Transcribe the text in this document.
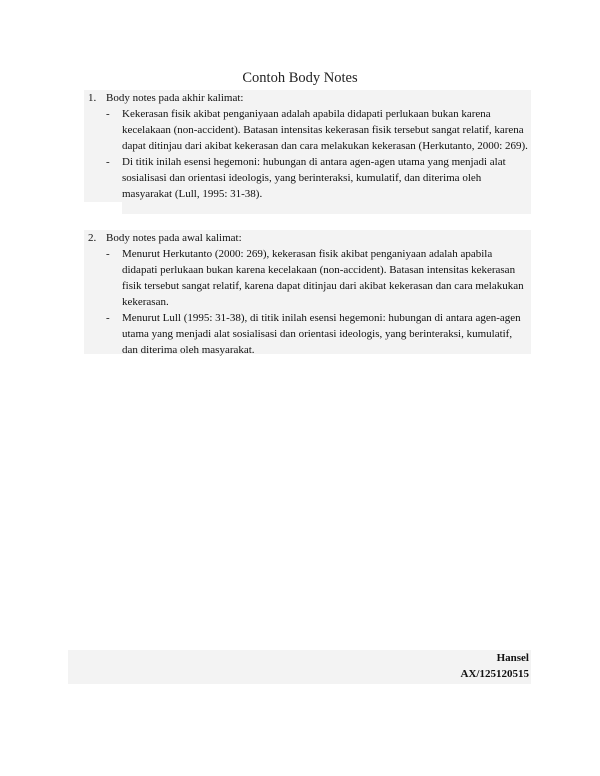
Contoh Body Notes
1. Body notes pada akhir kalimat:
- Kekerasan fisik akibat penganiyaan adalah apabila didapati perlukaan bukan karena kecelakaan (non-accident). Batasan intensitas kekerasan fisik tersebut sangat relatif, karena dapat ditinjau dari akibat kekerasan dan cara melakukan kekerasan (Herkutanto, 2000: 269).
- Di titik inilah esensi hegemoni: hubungan di antara agen-agen utama yang menjadi alat sosialisasi dan orientasi ideologis, yang berinteraksi, kumulatif, dan diterima oleh masyarakat (Lull, 1995: 31-38).
2. Body notes pada awal kalimat:
- Menurut Herkutanto (2000: 269), kekerasan fisik akibat penganiyaan adalah apabila didapati perlukaan bukan karena kecelakaan (non-accident). Batasan intensitas kekerasan fisik tersebut sangat relatif, karena dapat ditinjau dari akibat kekerasan dan cara melakukan kekerasan.
- Menurut Lull (1995: 31-38), di titik inilah esensi hegemoni: hubungan di antara agen-agen utama yang menjadi alat sosialisasi dan orientasi ideologis, yang berinteraksi, kumulatif, dan diterima oleh masyarakat.
Hansel
AX/125120515
